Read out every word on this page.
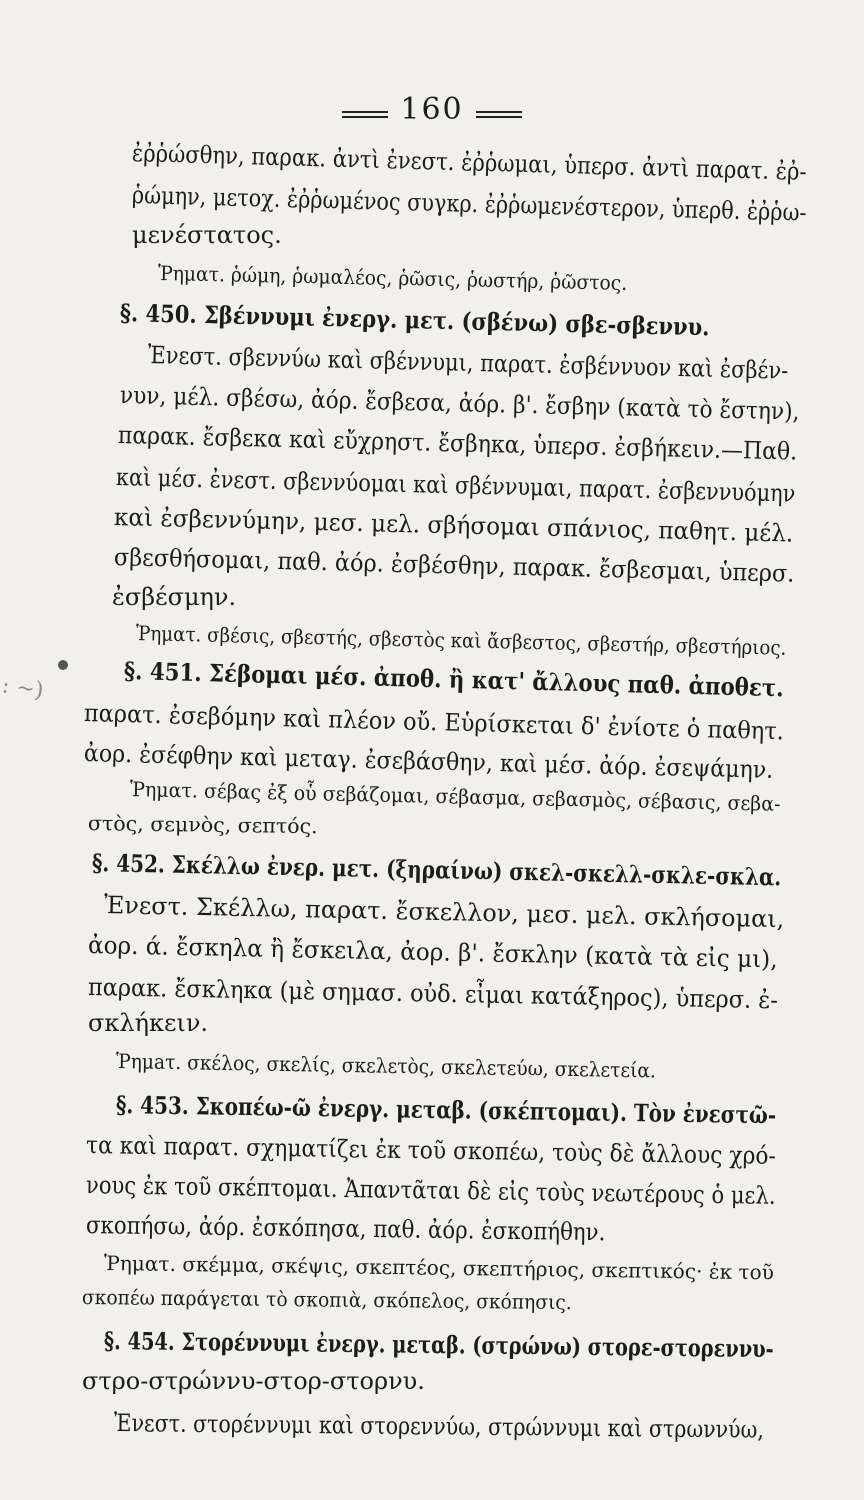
160
: ∼)
ἐῤῥώσθην, παρακ. ἀντὶ ἐνεστ. ἐῤῥωμαι, ὑπερσ. ἀντὶ παρατ. ἐῤ-
ῥώμην, μετοχ. ἐῤῥωμένος συγκρ. ἐῤῥωμενέστερον, ὑπερθ. ἐῤῥω-
μενέστατος.
Ῥηματ. ῥώμη, ῥωμαλέος, ῥῶσις, ῥωστήρ, ῥῶστος.
§. 450. Σβέννυμι ἐνεργ. μετ. (σβένω) σβε-σβεννυ.
Ἐνεστ. σβεννύω καὶ σβέννυμι, παρατ. ἐσβέννυον καὶ ἐσβέν-
νυν, μέλ. σβέσω, ἀόρ. ἔσβεσα, ἀόρ. β'. ἔσβην (κατὰ τὸ ἔστην),
παρακ. ἔσβεκα καὶ εὔχρηστ. ἔσβηκα, ὑπερσ. ἐσβήκειν.—Παθ.
καὶ μέσ. ἐνεστ. σβεννύομαι καὶ σβέννυμαι, παρατ. ἐσβεννυόμην
καὶ ἐσβεννύμην, μεσ. μελ. σβήσομαι σπάνιος, παθητ. μέλ.
σβεσθήσομαι, παθ. ἀόρ. ἐσβέσθην, παρακ. ἔσβεσμαι, ὑπερσ.
ἐσβέσμην.
Ῥηματ. σβέσις, σβεστής, σβεστὸς καὶ ἄσβεστος, σβεστήρ, σβεστήριος.
§. 451. Σέβομαι μέσ. ἀποθ. ἢ κατ' ἄλλους παθ. ἀποθετ.
παρατ. ἐσεβόμην καὶ πλέον οὔ. Εὑρίσκεται δ' ἐνίοτε ὁ παθητ.
ἀορ. ἐσέφθην καὶ μεταγ. ἐσεβάσθην, καὶ μέσ. ἀόρ. ἐσεψάμην.
Ῥηματ. σέβας ἐξ οὗ σεβάζομαι, σέβασμα, σεβασμὸς, σέβασις, σεβα-
στὸς, σεμνὸς, σεπτός.
§. 452. Σκέλλω ἐνερ. μετ. (ξηραίνω) σκελ-σκελλ-σκλε-σκλα.
Ἐνεστ. Σκέλλω, παρατ. ἔσκελλον, μεσ. μελ. σκλήσομαι,
ἀορ. ά. ἔσκηλα ἢ ἔσκειλα, ἀορ. β'. ἔσκλην (κατὰ τὰ εἰς μι),
παρακ. ἔσκληκα (μὲ σημασ. οὐδ. εἶμαι κατάξηρος), ὑπερσ. ἐ-
σκλήκειν.
Ῥημaτ. σκέλος, σκελίς, σκελετὸς, σκελετεύω, σκελετεία.
§. 453. Σκοπέω-ῶ ἐνεργ. μεταβ. (σκέπτομαι). Τὸν ἐνεστῶ-
τα καὶ παρατ. σχηματίζει ἐκ τοῦ σκοπέω, τοὺς δὲ ἄλλους χρό-
νους ἐκ τοῦ σκέπτομαι. Ἀπαντᾶται δὲ εἰς τοὺς νεωτέρους ὁ μελ.
σκοπήσω, ἀόρ. ἐσκόπησα, παθ. ἀόρ. ἐσκοπήθην.
Ῥηματ. σκέμμα, σκέψις, σκεπτέος, σκεπτήριος, σκεπτικός· ἐκ τοῦ
σκοπέω παράγεται τὸ σκοπιὰ, σκόπελος, σκόπησις.
§. 454. Στορέννυμι ἐνεργ. μεταβ. (στρώνω) στορε-στορεννυ-
στρο-στρώννυ-στορ-στορνυ.
Ἐνεστ. στορέννυμι καὶ στορεννύω, στρώννυμι καὶ στρωννύω,
